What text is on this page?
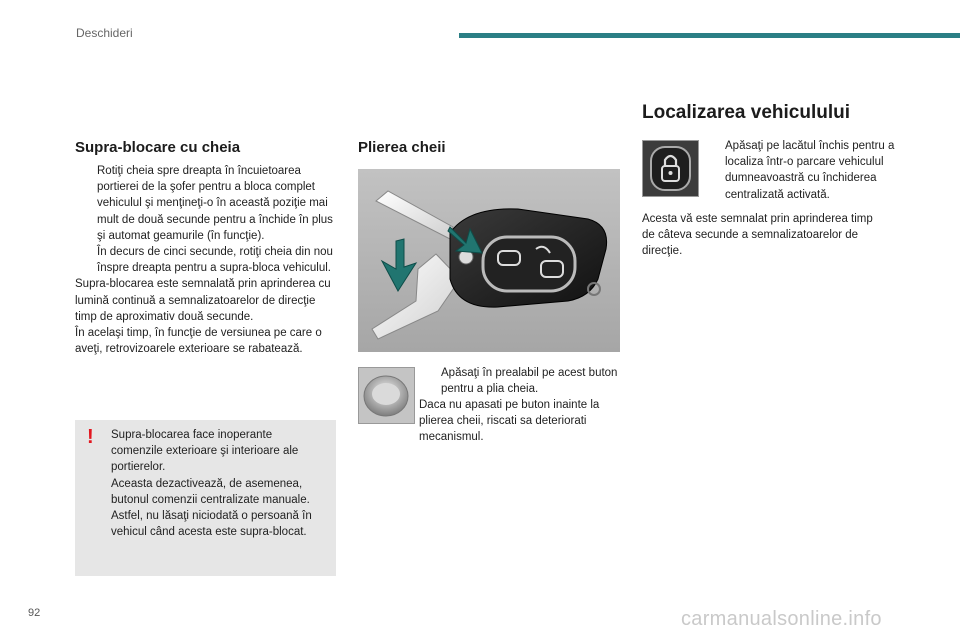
Deschideri
Supra-blocare cu cheia
Rotiţi cheia spre dreapta în încuietoarea portierei de la şofer pentru a bloca complet vehiculul şi menţineţi-o în această poziţie mai mult de două secunde pentru a închide în plus şi automat geamurile (în funcţie).
În decurs de cinci secunde, rotiţi cheia din nou înspre dreapta pentru a supra-bloca vehiculul.

Supra-blocarea este semnalată prin aprinderea cu lumină continuă a semnalizatoarelor de direcţie timp de aproximativ două secunde.

În acelaşi timp, în funcţie de versiunea pe care o aveţi, retrovizoarele exterioare se rabatează.

! Supra-blocarea face inoperante comenzile exterioare şi interioare ale portierelor.
Aceasta dezactivează, de asemenea, butonul comenzii centralizate manuale.
Astfel, nu lăsaţi niciodată o persoană în vehicul când acesta este supra-blocat.
Plierea cheii
Apăsaţi în prealabil pe acest buton pentru a plia cheia.
Daca nu apasati pe buton inainte la plierea cheii, riscati sa deteriorati mecanismul.
Localizarea vehiculului
Apăsaţi pe lacătul închis pentru a localiza într-o parcare vehiculul dumneavoastră cu închiderea centralizată activată.
Acesta vă este semnalat prin aprinderea timp de câteva secunde a semnalizatoarelor de direcţie.
92	carmanualsonline.info
